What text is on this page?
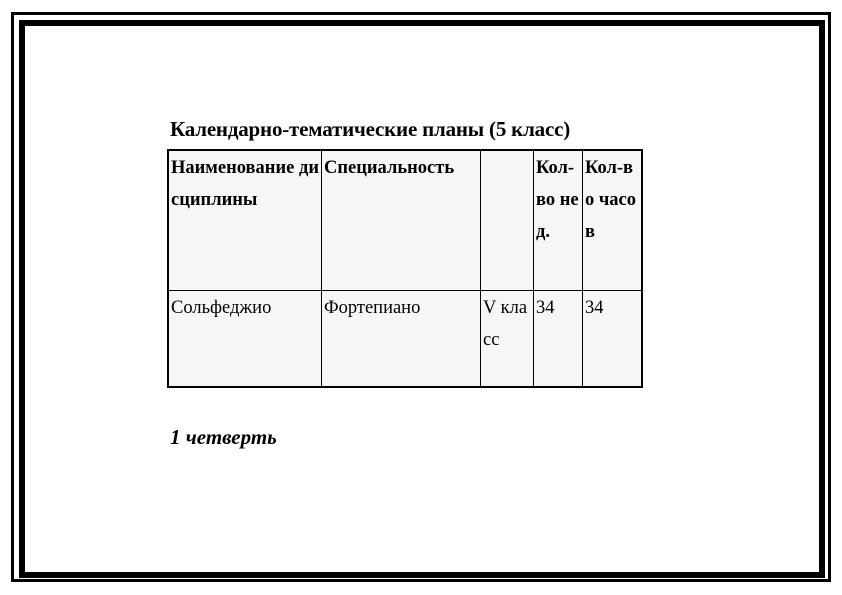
Календарно-тематические планы (5 класс)
Наименование дисциплины	Специальность		Кол-во нед.	Кол-во часов
Сольфеджио	Фортепиано	V класс	34	34
1 четверть
